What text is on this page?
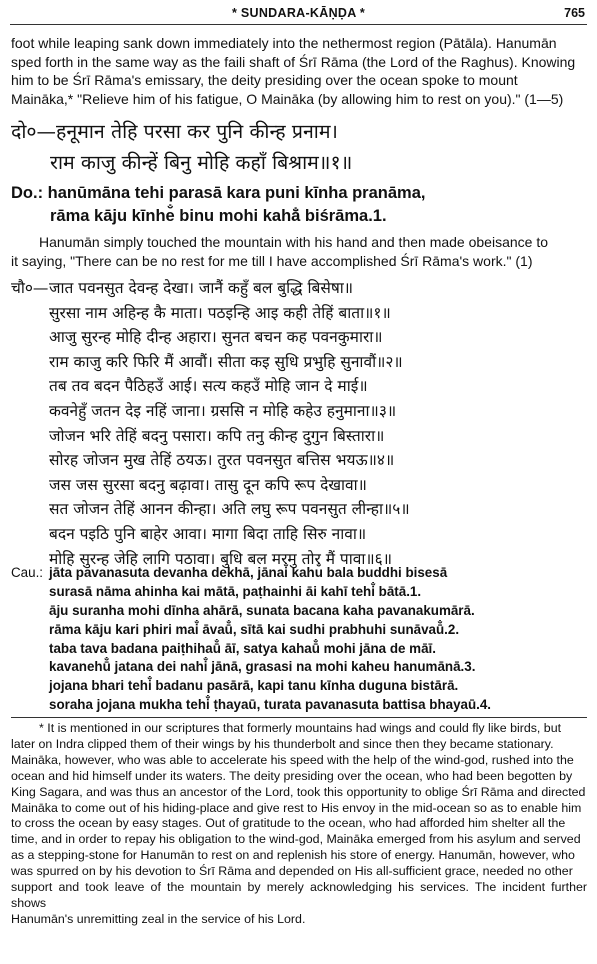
* SUNDARA-KĀṆḌA *	765
foot while leaping sank down immediately into the nethermost region (Pātāla). Hanumān
sped forth in the same way as the faili shaft of Śrī Rāma (the Lord of the Raghus). Knowing
him to be Śrī Rāma's emissary, the deity presiding over the ocean spoke to mount
Maināka,* "Relieve him of his fatigue, O Maināka (by allowing him to rest on you)." (1—5)
दो०—हनूमान तेहि परसा कर पुनि कीन्ह प्रनाम।
राम काजु कीन्हें बिनु मोहि कहाँ बिश्राम॥१॥
Do.: hanūmāna tehi parasā kara puni kīnha pranāma,
rāma kāju kīnhe̐ binu mohi kahā̐ biśrāma.1.
Hanumān simply touched the mountain with his hand and then made obeisance to
it saying, "There can be no rest for me till I have accomplished Śrī Rāma's work." (1)
चौ०—जात पवनसुत देवन्ह देखा। जानैं कहुँ बल बुद्धि बिसेषा॥
सुरसा नाम अहिन्ह कै माता। पठइन्हि आइ कही तेहिं बाता॥१॥
आजु सुरन्ह मोहि दीन्ह अहारा। सुनत बचन कह पवनकुमारा॥
राम काजु करि फिरि मैं आवौं। सीता कइ सुधि प्रभुहि सुनावौं॥२॥
तब तव बदन पैठिहउँ आई। सत्य कहउँ मोहि जान दे माई॥
कवनेहुँ जतन देइ नहिं जाना। ग्रससि न मोहि कहेउ हनुमाना॥३॥
जोजन भरि तेहिं बदनु पसारा। कपि तनु कीन्ह दुगुन बिस्तारा॥
सोरह जोजन मुख तेहिं ठयऊ। तुरत पवनसुत बत्तिस भयऊ॥४॥
जस जस सुरसा बदनु बढ़ावा। तासु दून कपि रूप देखावा॥
सत जोजन तेहिं आनन कीन्हा। अति लघु रूप पवनसुत लीन्हा॥५॥
बदन पइठि पुनि बाहेर आवा। मागा बिदा ताहि सिरु नावा॥
मोहि सुरन्ह जेहि लागि पठावा। बुधि बल मरमु तोर मैं पावा॥६॥
Cau.: jāta pavanasuta devanha dekhā, jānai̐ kahu̐ bala buddhi bisesā
surasā nāma ahinha kai mātā, paṭhainhi āi kahī tehi̐ bātā.1.
āju suranha mohi dīnha ahārā, sunata bacana kaha pavanakumārā.
rāma kāju kari phiri mai̐ āvaū̐, sītā kai sudhi prabhuhi sunāvaū̐.2.
taba tava badana paiṭhihaū̐ āī, satya kahaū̐ mohi jāna de māī.
kavanehū̐ jatana dei nahi̐ jānā, grasasi na mohi kaheu hanumānā.3.
jojana bhari tehi̐ badanu pasārā, kapi tanu kīnha duguna bistārā.
soraha jojana mukha tehi̐ ṭhayaū, turata pavanasuta battisa bhayaū.4.
* It is mentioned in our scriptures that formerly mountains had wings and could fly like birds, but
later on Indra clipped them of their wings by his thunderbolt and since then they became stationary.
Maināka, however, who was able to accelerate his speed with the help of the wind-god, rushed into the
ocean and hid himself under its waters. The deity presiding over the ocean, who had been begotten by
King Sagara, and was thus an ancestor of the Lord, took this opportunity to oblige Śrī Rāma and directed
Maināka to come out of his hiding-place and give rest to His envoy in the mid-ocean so as to enable him
to cross the ocean by easy stages. Out of gratitude to the ocean, who had afforded him shelter all the
time, and in order to repay his obligation to the wind-god, Maināka emerged from his asylum and served
as a stepping-stone for Hanumān to rest on and replenish his store of energy. Hanumān, however, who
was spurred on by his devotion to Śrī Rāma and depended on His all-sufficient grace, needed no other
support and took leave of the mountain by merely acknowledging his services. The incident further shows
Hanumān's unremitting zeal in the service of his Lord.
